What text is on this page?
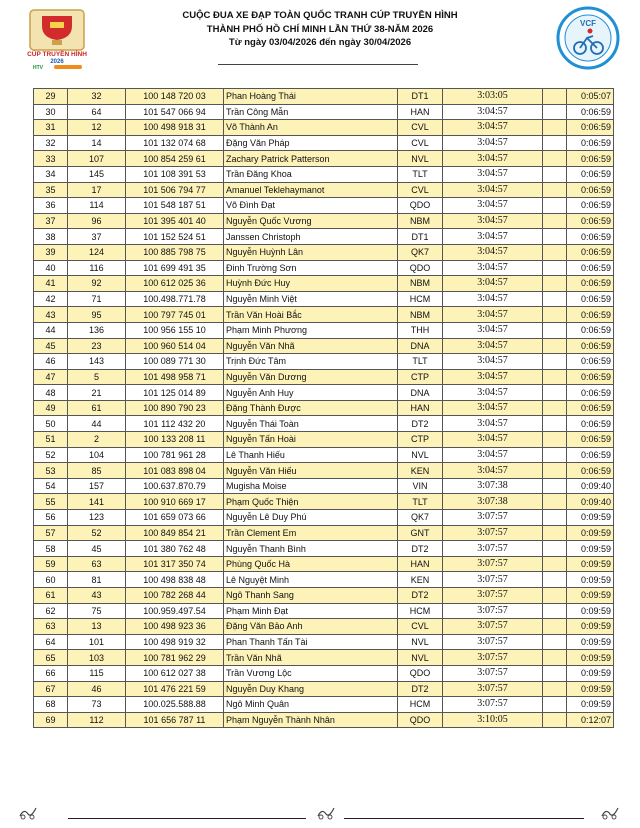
CÚP TRUYỀN HÌNH
2026
HTV
CUỘC ĐUA XE ĐẠP TOÀN QUỐC TRANH CÚP TRUYỀN HÌNH
THÀNH PHỐ HỒ CHÍ MINH LẦN THỨ 38-NĂM 2026
Từ ngày 03/04/2026 đến ngày 30/04/2026
VCF
29	32	100 148 720 03	Phan Hoàng Thái	DT1	3:03:05		0:05:07
30	64	101 547 066 94	Trần Công Mẫn	HAN	3:04:57		0:06:59
31	12	100 498 918 31	Võ Thành An	CVL	3:04:57		0:06:59
32	14	101 132 074 68	Đặng Văn Pháp	CVL	3:04:57		0:06:59
33	107	100 854 259 61	Zachary Patrick Patterson	NVL	3:04:57		0:06:59
34	145	101 108 391 53	Trần Đăng Khoa	TLT	3:04:57		0:06:59
35	17	101 506 794 77	Amanuel Teklehaymanot	CVL	3:04:57		0:06:59
36	114	101 548 187 51	Võ Đình Đạt	QDO	3:04:57		0:06:59
37	96	101 395 401 40	Nguyễn Quốc Vương	NBM	3:04:57		0:06:59
38	37	101 152 524 51	Janssen Christoph	DT1	3:04:57		0:06:59
39	124	100 885 798 75	Nguyễn Huỳnh Lân	QK7	3:04:57		0:06:59
40	116	101 699 491 35	Đinh Trường Sơn	QDO	3:04:57		0:06:59
41	92	100 612 025 36	Huỳnh Đức Huy	NBM	3:04:57		0:06:59
42	71	100.498.771.78	Nguyễn Minh Việt	HCM	3:04:57		0:06:59
43	95	100 797 745 01	Trần Văn Hoài Bắc	NBM	3:04:57		0:06:59
44	136	100 956 155 10	Phạm Minh Phương	THH	3:04:57		0:06:59
45	23	100 960 514 04	Nguyễn Văn Nhã	DNA	3:04:57		0:06:59
46	143	100 089 771 30	Trịnh Đức Tâm	TLT	3:04:57		0:06:59
47	5	101 498 958 71	Nguyễn Văn Dương	CTP	3:04:57		0:06:59
48	21	101 125 014 89	Nguyễn Anh Huy	DNA	3:04:57		0:06:59
49	61	100 890 790 23	Đặng Thành Được	HAN	3:04:57		0:06:59
50	44	101 112 432 20	Nguyễn Thái Toàn	DT2	3:04:57		0:06:59
51	2	100 133 208 11	Nguyễn Tấn Hoài	CTP	3:04:57		0:06:59
52	104	100 781 961 28	Lê Thanh Hiếu	NVL	3:04:57		0:06:59
53	85	101 083 898 04	Nguyễn Văn Hiếu	KEN	3:04:57		0:06:59
54	157	100.637.870.79	Mugisha Moise	VIN	3:07:38		0:09:40
55	141	100 910 669 17	Phạm Quốc Thiện	TLT	3:07:38		0:09:40
56	123	101 659 073 66	Nguyễn Lê Duy Phú	QK7	3:07:57		0:09:59
57	52	100 849 854 21	Trần Clement Em	GNT	3:07:57		0:09:59
58	45	101 380 762 48	Nguyễn Thanh Bình	DT2	3:07:57		0:09:59
59	63	101 317 350 74	Phùng Quốc Hà	HAN	3:07:57		0:09:59
60	81	100 498 838 48	Lê Nguyệt Minh	KEN	3:07:57		0:09:59
61	43	100 782 268 44	Ngô Thanh Sang	DT2	3:07:57		0:09:59
62	75	100.959.497.54	Phạm Minh Đạt	HCM	3:07:57		0:09:59
63	13	100 498 923 36	Đặng Văn Bảo Anh	CVL	3:07:57		0:09:59
64	101	100 498 919 32	Phan Thanh Tấn Tài	NVL	3:07:57		0:09:59
65	103	100 781 962 29	Trần Văn Nhã	NVL	3:07:57		0:09:59
66	115	100 612 027 38	Trần Vương Lộc	QDO	3:07:57		0:09:59
67	46	101 476 221 59	Nguyễn Duy Khang	DT2	3:07:57		0:09:59
68	73	100.025.588.88	Ngô Minh Quân	HCM	3:07:57		0:09:59
69	112	101 656 787 11	Phạm Nguyễn Thành Nhân	QDO	3:10:05		0:12:07
